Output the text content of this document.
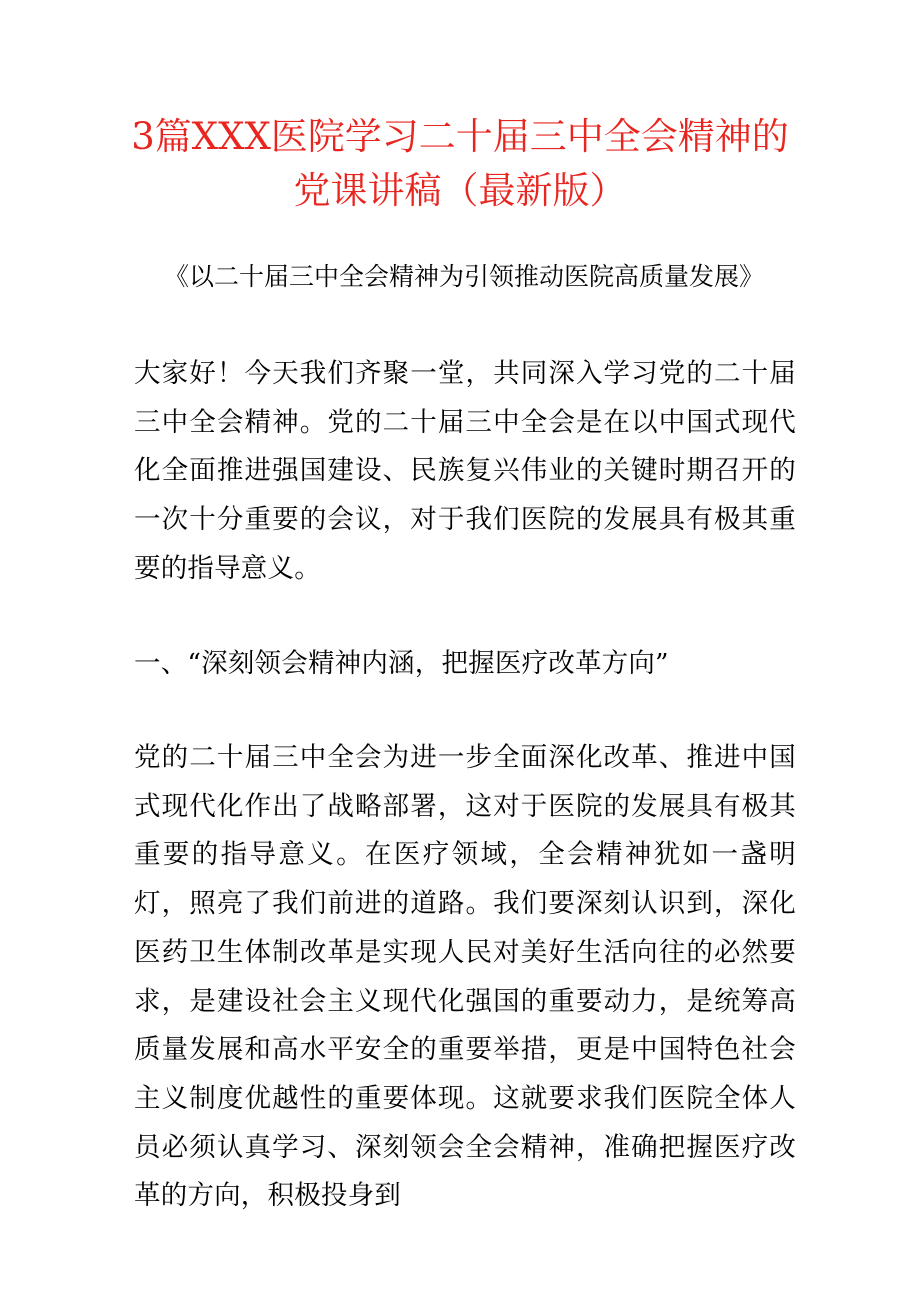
3篇XXX医院学习二十届三中全会精神的党课讲稿（最新版）

《以二十届三中全会精神为引领推动医院高质量发展》

大家好！今天我们齐聚一堂，共同深入学习党的二十届三中全会精神。党的二十届三中全会是在以中国式现代化全面推进强国建设、民族复兴伟业的关键时期召开的一次十分重要的会议，对于我们医院的发展具有极其重要的指导意义。

一、“深刻领会精神内涵，把握医疗改革方向”

党的二十届三中全会为进一步全面深化改革、推进中国式现代化作出了战略部署，这对于医院的发展具有极其重要的指导意义。在医疗领域，全会精神犹如一盏明灯，照亮了我们前进的道路。我们要深刻认识到，深化医药卫生体制改革是实现人民对美好生活向往的必然要求，是建设社会主义现代化强国的重要动力，是统筹高质量发展和高水平安全的重要举措，更是中国特色社会主义制度优越性的重要体现。这就要求我们医院全体人员必须认真学习、深刻领会全会精神，准确把握医疗改革的方向，积极投身到
